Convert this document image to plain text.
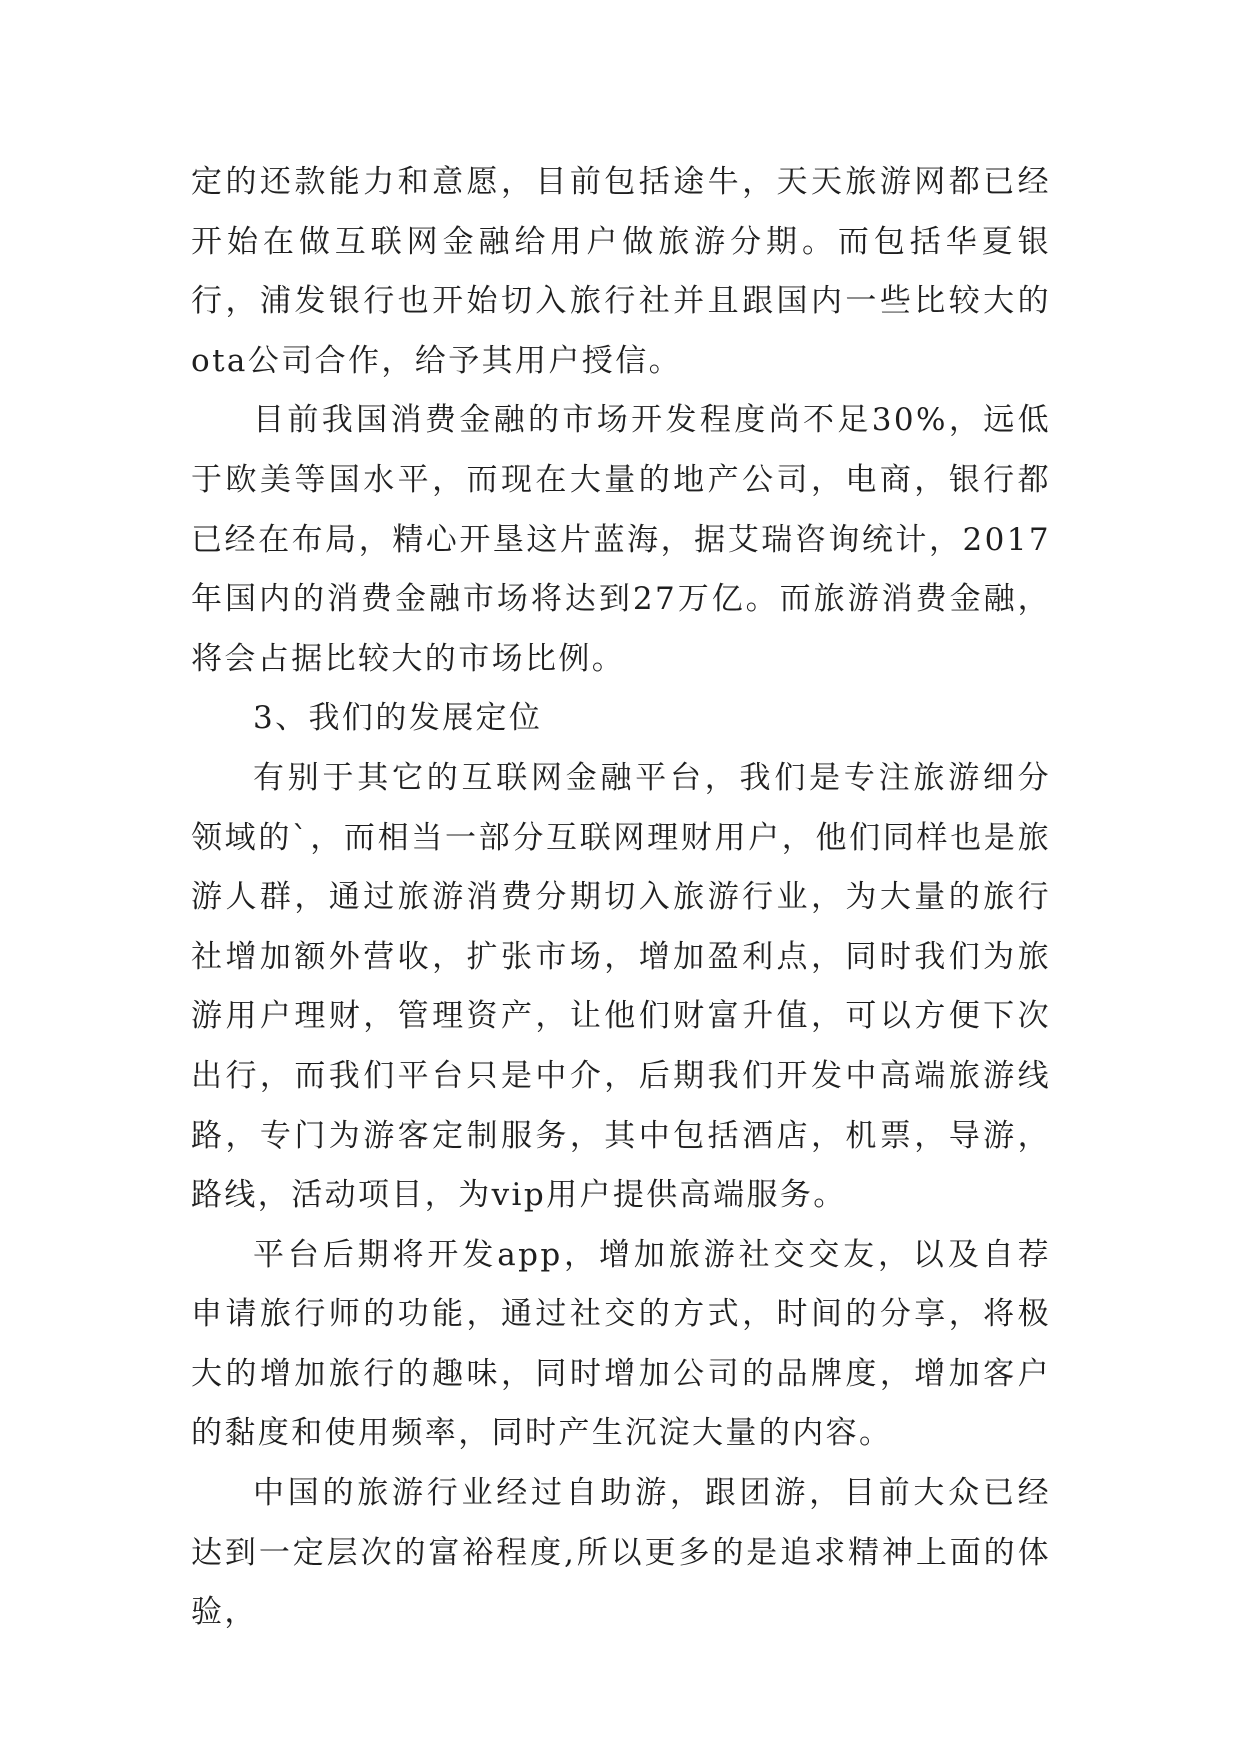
定的还款能力和意愿，目前包括途牛，天天旅游网都已经开始在做互联网金融给用户做旅游分期。而包括华夏银行，浦发银行也开始切入旅行社并且跟国内一些比较大的ota公司合作，给予其用户授信。

目前我国消费金融的市场开发程度尚不足30%，远低于欧美等国水平，而现在大量的地产公司，电商，银行都已经在布局，精心开垦这片蓝海，据艾瑞咨询统计，2017年国内的消费金融市场将达到27万亿。而旅游消费金融，将会占据比较大的市场比例。

3、我们的发展定位

有别于其它的互联网金融平台，我们是专注旅游细分领域的`，而相当一部分互联网理财用户，他们同样也是旅游人群，通过旅游消费分期切入旅游行业，为大量的旅行社增加额外营收，扩张市场，增加盈利点，同时我们为旅游用户理财，管理资产，让他们财富升值，可以方便下次出行，而我们平台只是中介，后期我们开发中高端旅游线路，专门为游客定制服务，其中包括酒店，机票，导游，路线，活动项目，为vip用户提供高端服务。

平台后期将开发app，增加旅游社交交友，以及自荐申请旅行师的功能，通过社交的方式，时间的分享，将极大的增加旅行的趣味，同时增加公司的品牌度，增加客户的黏度和使用频率，同时产生沉淀大量的内容。

中国的旅游行业经过自助游，跟团游，目前大众已经达到一定层次的富裕程度,所以更多的是追求精神上面的体验，
